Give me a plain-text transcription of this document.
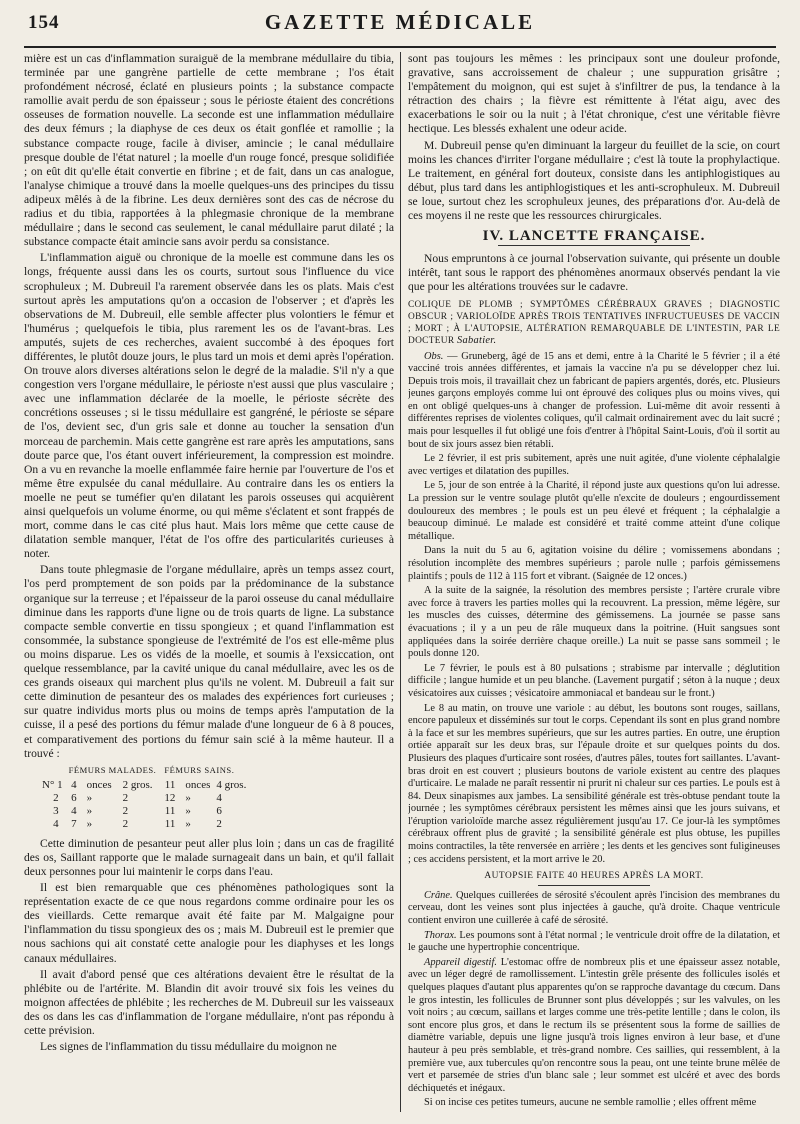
154	GAZETTE MÉDICALE

mière est un cas d'inflammation suraiguë de la membrane médullaire du tibia, terminée par une gangrène partielle de cette membrane ; l'os était profondément nécrosé, éclaté en plusieurs points ; la substance compacte ramollie avait perdu de son épaisseur ; sous le périoste étaient des concrétions osseuses de formation nouvelle. La seconde est une inflammation médullaire des deux fémurs ; la diaphyse de ces deux os était gonflée et ramollie ; la substance compacte rouge, facile à diviser, amincie ; le canal médullaire presque double de l'état naturel ; la moelle d'un rouge foncé, presque solidifiée ; on eût dit qu'elle était convertie en fibrine ; et de fait, dans un cas analogue, l'analyse chimique a trouvé dans la moelle quelques-uns des principes du tissu adipeux mêlés à de la fibrine. Les deux dernières sont des cas de nécrose du radius et du tibia, rapportées à la phlegmasie chronique de la membrane médullaire ; dans le second cas seulement, le canal médullaire parut dilaté ; la substance compacte était amincie sans avoir perdu sa consistance.

L'inflammation aiguë ou chronique de la moelle est commune dans les os longs, fréquente aussi dans les os courts, surtout sous l'influence du vice scrophuleux ; M. Dubreuil l'a rarement observée dans les os plats. Mais c'est surtout après les amputations qu'on a occasion de l'observer ; et d'après les observations de M. Dubreuil, elle semble affecter plus volontiers le fémur et l'humérus ; quelquefois le tibia, plus rarement les os de l'avant-bras. Les amputés, sujets de ces recherches, avaient succombé à des époques fort différentes, le plutôt douze jours, le plus tard un mois et demi après l'opération. On trouve alors diverses altérations selon le degré de la maladie. S'il n'y a que congestion vers l'organe médullaire, le périoste n'est aussi que plus vasculaire ; avec une inflammation déclarée de la moelle, le périoste sécrète des concrétions osseuses ; si le tissu médullaire est gangréné, le périoste se sépare de l'os, devient sec, d'un gris sale et donne au toucher la sensation d'un morceau de parchemin. Mais cette gangrène est rare après les amputations, sans doute parce que, l'os étant ouvert inférieurement, la compression est moindre. On a vu en revanche la moelle enflammée faire hernie par l'ouverture de l'os et même être expulsée du canal médullaire. Au contraire dans les os entiers la moelle ne peut se tuméfier qu'en dilatant les parois osseuses qui acquièrent ainsi quelquefois un volume énorme, ou qui même s'éclatent et sont frappés de mort, comme dans le cas cité plus haut. Mais lors même que cette cause de dilatation semble manquer, l'état de l'os offre des particularités curieuses à noter.

Dans toute phlegmasie de l'organe médullaire, après un temps assez court, l'os perd promptement de son poids par la prédominance de la substance organique sur la terreuse ; et l'épaisseur de la paroi osseuse du canal médullaire diminue dans les rapports d'une ligne ou de trois quarts de ligne. La substance compacte semble convertie en tissu spongieux ; et quand l'inflammation est consommée, la substance spongieuse de l'extrémité de l'os est elle-même plus ou moins disparue. Les os vidés de la moelle, et soumis à l'exsiccation, ont quelque ressemblance, par la cavité unique du canal médullaire, avec les os de ces grands oiseaux qui marchent plus qu'ils ne volent. M. Dubreuil a fait sur cette diminution de pesanteur des os malades des expériences fort curieuses ; sur quatre individus morts plus ou moins de temps après l'amputation de la cuisse, il a pesé des portions du fémur malade d'une longueur de 6 à 8 pouces, et comparativement des portions du fémur sain scié à la même hauteur. Il a trouvé :

	FÉMURS MALADES.			FÉMURS SAINS.		
N° 1	4	onces	2 gros.	11	onces	4 gros.
2	6	»	2	12	»	4
3	4	»	2	11	»	6
4	7	»	2	11	»	2

Cette diminution de pesanteur peut aller plus loin ; dans un cas de fragilité des os, Saillant rapporte que le malade surnageait dans un bain, et qu'il fallait deux personnes pour lui maintenir le corps dans l'eau.

Il est bien remarquable que ces phénomènes pathologiques sont la représentation exacte de ce que nous regardons comme ordinaire pour les os des vieillards. Cette remarque avait été faite par M. Malgaigne pour l'inflammation du tissu spongieux des os ; mais M. Dubreuil est le premier que nous sachions qui ait constaté cette analogie pour les diaphyses et les longs canaux médullaires.

Il avait d'abord pensé que ces altérations devaient être le résultat de la phlébite ou de l'artérite. M. Blandin dit avoir trouvé six fois les veines du moignon affectées de phlébite ; les recherches de M. Dubreuil sur les vaisseaux des os dans les cas d'inflammation de l'organe médullaire, n'ont pas répondu à cette prévision.

Les signes de l'inflammation du tissu médullaire du moignon ne

sont pas toujours les mêmes : les principaux sont une douleur profonde, gravative, sans accroissement de chaleur ; une suppuration grisâtre ; l'empâtement du moignon, qui est sujet à s'infiltrer de pus, la tendance à la rétraction des chairs ; la fièvre est rémittente à l'état aigu, avec des exacerbations le soir ou la nuit ; à l'état chronique, c'est une véritable fièvre hectique. Les blessés exhalent une odeur acide.

M. Dubreuil pense qu'en diminuant la largeur du feuillet de la scie, on court moins les chances d'irriter l'organe médullaire ; c'est là toute la prophylactique. Le traitement, en général fort douteux, consiste dans les antiphlogistiques au début, plus tard dans les antiphlogistiques et les anti-scrophuleux. M. Dubreuil se loue, surtout chez les scrophuleux jeunes, des préparations d'or. Au-delà de ces moyens il ne reste que les ressources chirurgicales.

IV. LANCETTE FRANÇAISE.

Nous empruntons à ce journal l'observation suivante, qui présente un double intérêt, tant sous le rapport des phénomènes anormaux observés pendant la vie que pour les altérations trouvées sur le cadavre.

COLIQUE DE PLOMB ; SYMPTÔMES CÉRÉBRAUX GRAVES ; DIAGNOSTIC OBSCUR ; VARIOLOÏDE APRÈS TROIS TENTATIVES INFRUCTUEUSES DE VACCIN ; MORT ; À L'AUTOPSIE, ALTÉRATION REMARQUABLE DE L'INTESTIN, PAR LE DOCTEUR Sabatier.

Obs. — Gruneberg, âgé de 15 ans et demi, entre à la Charité le 5 février ; il a été vacciné trois années différentes, et jamais la vaccine n'a pu se développer chez lui. Depuis trois mois, il travaillait chez un fabricant de papiers argentés, dorés, etc. Plusieurs jeunes garçons employés comme lui ont éprouvé des coliques plus ou moins vives, qui en ont obligé quelques-uns à changer de profession. Lui-même dit avoir ressenti à différentes reprises de violentes coliques, qu'il calmait ordinairement avec du lait sucré ; mais pour lesquelles il fut obligé une fois d'entrer à l'hôpital Saint-Louis, d'où il sortit au bout de six jours assez bien rétabli.

Le 2 février, il est pris subitement, après une nuit agitée, d'une violente céphalalgie avec vertiges et dilatation des pupilles.

Le 5, jour de son entrée à la Charité, il répond juste aux questions qu'on lui adresse. La pression sur le ventre soulage plutôt qu'elle n'excite de douleurs ; engourdissement douloureux des membres ; le pouls est un peu élevé et fréquent ; la céphalalgie a beaucoup diminué. Le malade est considéré et traité comme atteint d'une colique métallique.

Dans la nuit du 5 au 6, agitation voisine du délire ; vomissemens abondans ; résolution incomplète des membres supérieurs ; parole nulle ; parfois gémissemens plaintifs ; pouls de 112 à 115 fort et vibrant. (Saignée de 12 onces.)

A la suite de la saignée, la résolution des membres persiste ; l'artère crurale vibre avec force à travers les parties molles qui la recouvrent. La pression, même légère, sur les muscles des cuisses, détermine des gémissemens. La journée se passe sans évacuations ; il y a un peu de râle muqueux dans la poitrine. (Huit sangsues sont appliquées dans la soirée derrière chaque oreille.) La nuit se passe sans sommeil ; le pouls donne 120.

Le 7 février, le pouls est à 80 pulsations ; strabisme par intervalle ; déglutition difficile ; langue humide et un peu blanche. (Lavement purgatif ; séton à la nuque ; deux vésicatoires aux cuisses ; vésicatoire ammoniacal et bandeau sur le front.)

Le 8 au matin, on trouve une variole : au début, les boutons sont rouges, saillans, encore papuleux et disséminés sur tout le corps. Cependant ils sont en plus grand nombre à la face et sur les membres supérieurs, que sur les autres parties. En outre, une éruption ortiée apparaît sur les deux bras, sur l'épaule droite et sur quelques points du dos. Plusieurs des plaques d'urticaire sont rosées, d'autres pâles, toutes fort saillantes. L'avant-bras droit en est couvert ; plusieurs boutons de variole existent au centre des plaques d'urticaire. Le malade ne paraît ressentir ni prurit ni chaleur sur ces parties. Le pouls est à 84. Deux sinapismes aux jambes. La sensibilité générale est très-obtuse pendant toute la journée ; les symptômes cérébraux persistent les mêmes ainsi que les jours suivans, et l'éruption varioloïde marche assez régulièrement jusqu'au 17. Ce jour-là les symptômes cérébraux offrent plus de gravité ; la sensibilité générale est plus obtuse, les pupilles moins contractiles, la tête renversée en arrière ; les dents et les gencives sont fuligineuses ; ces accidens persistent, et la mort arrive le 20.

AUTOPSIE FAITE 40 HEURES APRÈS LA MORT.

Crâne. Quelques cuillerées de sérosité s'écoulent après l'incision des membranes du cerveau, dont les veines sont plus injectées à gauche, qu'à droite. Chaque ventricule contient environ une cuillerée à café de sérosité.

Thorax. Les poumons sont à l'état normal ; le ventricule droit offre de la dilatation, et le gauche une hypertrophie concentrique.

Appareil digestif. L'estomac offre de nombreux plis et une épaisseur assez notable, avec un léger degré de ramollissement. L'intestin grêle présente des follicules isolés et quelques plaques d'autant plus apparentes qu'on se rapproche davantage du cœcum. Dans le gros intestin, les follicules de Brunner sont plus développés ; sur les valvules, on les voit noirs ; au cœcum, saillans et larges comme une très-petite lentille ; dans le colon, ils sont encore plus gros, et dans le rectum ils se présentent sous la forme de saillies de diamètre variable, depuis une ligne jusqu'à trois lignes environ à leur base, et d'une hauteur à peu près semblable, et très-grand nombre. Ces saillies, qui ressemblent, à la première vue, aux tubercules qu'on rencontre sous la peau, ont une teinte brune mêlée de vert et parsemée de stries d'un blanc sale ; leur sommet est ulcéré et avec des bords déchiquetés et inégaux.

Si on incise ces petites tumeurs, aucune ne semble ramollie ; elles offrent même
